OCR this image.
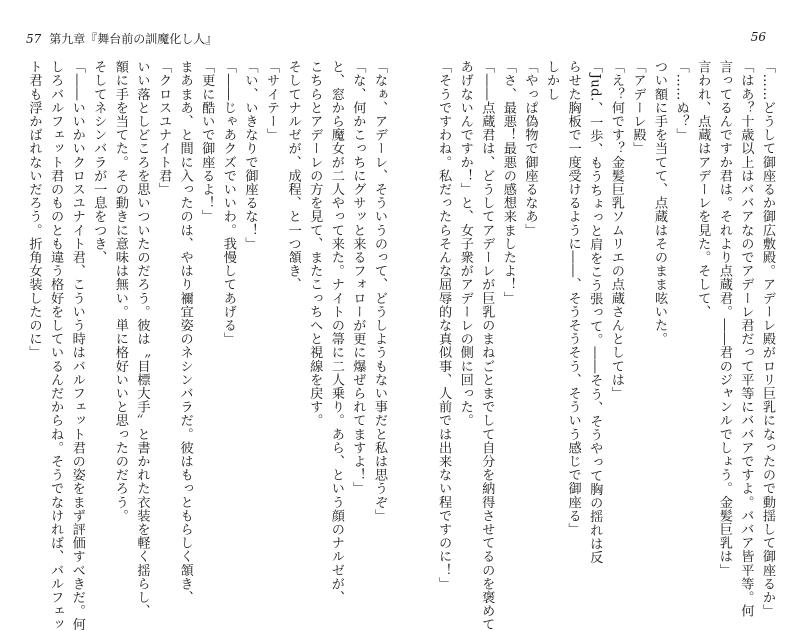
57 第九章『舞台前の訓魔化し人』
「なぁ、アデーレ、そういうのって、どうしようもない事だと私は思うぞ」
「な、何かこっちにグサッと来るフォローが更に爆ぜられてますよ！」
と、窓から魔女が二人やって来た。ナイトの箒に二人乗り。あら、という顔のナルゼが、
こちらとアデーレの方を見て、またこっちへと視線を戻す。
そしてナルゼが、成程、と一つ頷き、
「サイテー」
「い、いきなりで御座るな！」
「――じゃあクズでいいわ。我慢してあげる」
「更に酷いで御座るよ！」
まあまあ、と間に入ったのは、やはり禰宜姿のネシンバラだ。彼はもっともらしく頷き、
「クロスユナイト君」
いい落としどころを思いついたのだろう。彼は〝目標大手〟と書かれた衣装を軽く揺らし、
額に手を当てた。その動きに意味は無い。単に格好いいと思ったのだろう。
そしてネシンバラが一息をつき、
「――いいかいクロスユナイト君、こういう時はバルフェット君の姿をまず評価すべきだ。何
しろバルフェット君のものとも違う格好をしているんだからね。そうでなければ、バルフェッ
ト君も浮かばれないだろう。折角女装したのに」
56
「……どうして御座るか御広敷殿。アデーレ殿がロリ巨乳になったので動揺して御座るか」
「はあ？十歳以上はババアなのでアデーレ君だって平等にババアですよ。ババア皆平等。何
言ってるんですか君は。それより点蔵君。――君のジャンルでしょう。金髪巨乳は」
言われ、点蔵はアデーレを見た。そして、
「……ぬ？」
つい額に手を当てて、点蔵はそのまま呟いた。
「アデーレ殿」
「え？何です？金髪巨乳ソムリエの点蔵さんとしては」
「Jud.、一歩、もうちょっと肩をこう張って。――そう、そうやって胸の揺れは反
らせた胸板で一度受けるように――、そうそうそう、そういう感じで御座る」
しかし
「やっぱ偽物で御座るなあ」
「さ、最悪！最悪の感想来ましたよ！」
「――点蔵君は、どうしてアデーレが巨乳のまねごとまでして自分を納得させてるのを褒めて
あげないんですか！」と、女子衆がアデーレの側に回った。
「そうですわね。私だったらそんな屈辱的な真似事、人前では出来ない程ですのに！」
